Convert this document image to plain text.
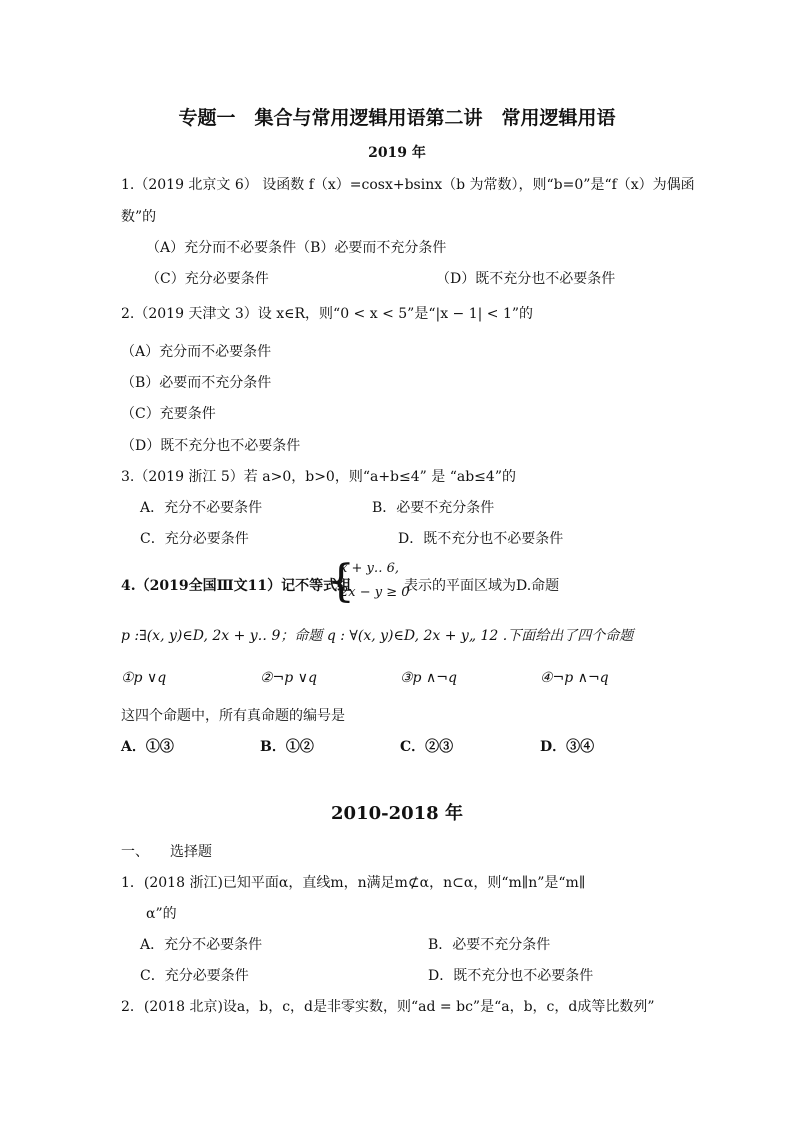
专题一　集合与常用逻辑用语第二讲　常用逻辑用语
2019 年
1.（2019 北京文 6） 设函数 f（x）=cosx+bsinx（b 为常数），则“b=0”是“f（x）为偶函
数”的
（A）充分而不必要条件（B）必要而不充分条件
（C）充分必要条件	（D）既不充分也不必要条件
2.（2019 天津文 3）设 x∈R，则“0 < x < 5”是“|x − 1| < 1”的
（A）充分而不必要条件
（B）必要而不充分条件
（C）充要条件
（D）既不充分也不必要条件
3.（2019 浙江 5）若 a>0，b>0，则“a+b≤4” 是 “ab≤4”的
A．充分不必要条件	B．必要不充分条件
C．充分必要条件	D．既不充分也不必要条件
4.（2019全国Ⅲ文11）记不等式组
{
x + y‥ 6,
2x − y ≥ 0
表示的平面区域为D.命题
p :∃(x, y)∈D, 2x + y‥ 9；命题 q : ∀(x, y)∈D, 2x + y„ 12 .下面给出了四个命题
①p ∨q	②¬p ∨q	③p ∧¬q	④¬p ∧¬q
这四个命题中，所有真命题的编号是
A．①③	B．①②	C．②③	D．③④
2010-2018 年
一、　　选择题
1．(2018 浙江)已知平面α，直线m，n满足m⊄α，n⊂α，则“m∥n”是“m∥
α”的
A．充分不必要条件	B．必要不充分条件
C．充分必要条件	D．既不充分也不必要条件
2．(2018 北京)设a，b，c，d是非零实数，则“ad = bc”是“a，b，c，d成等比数列”
